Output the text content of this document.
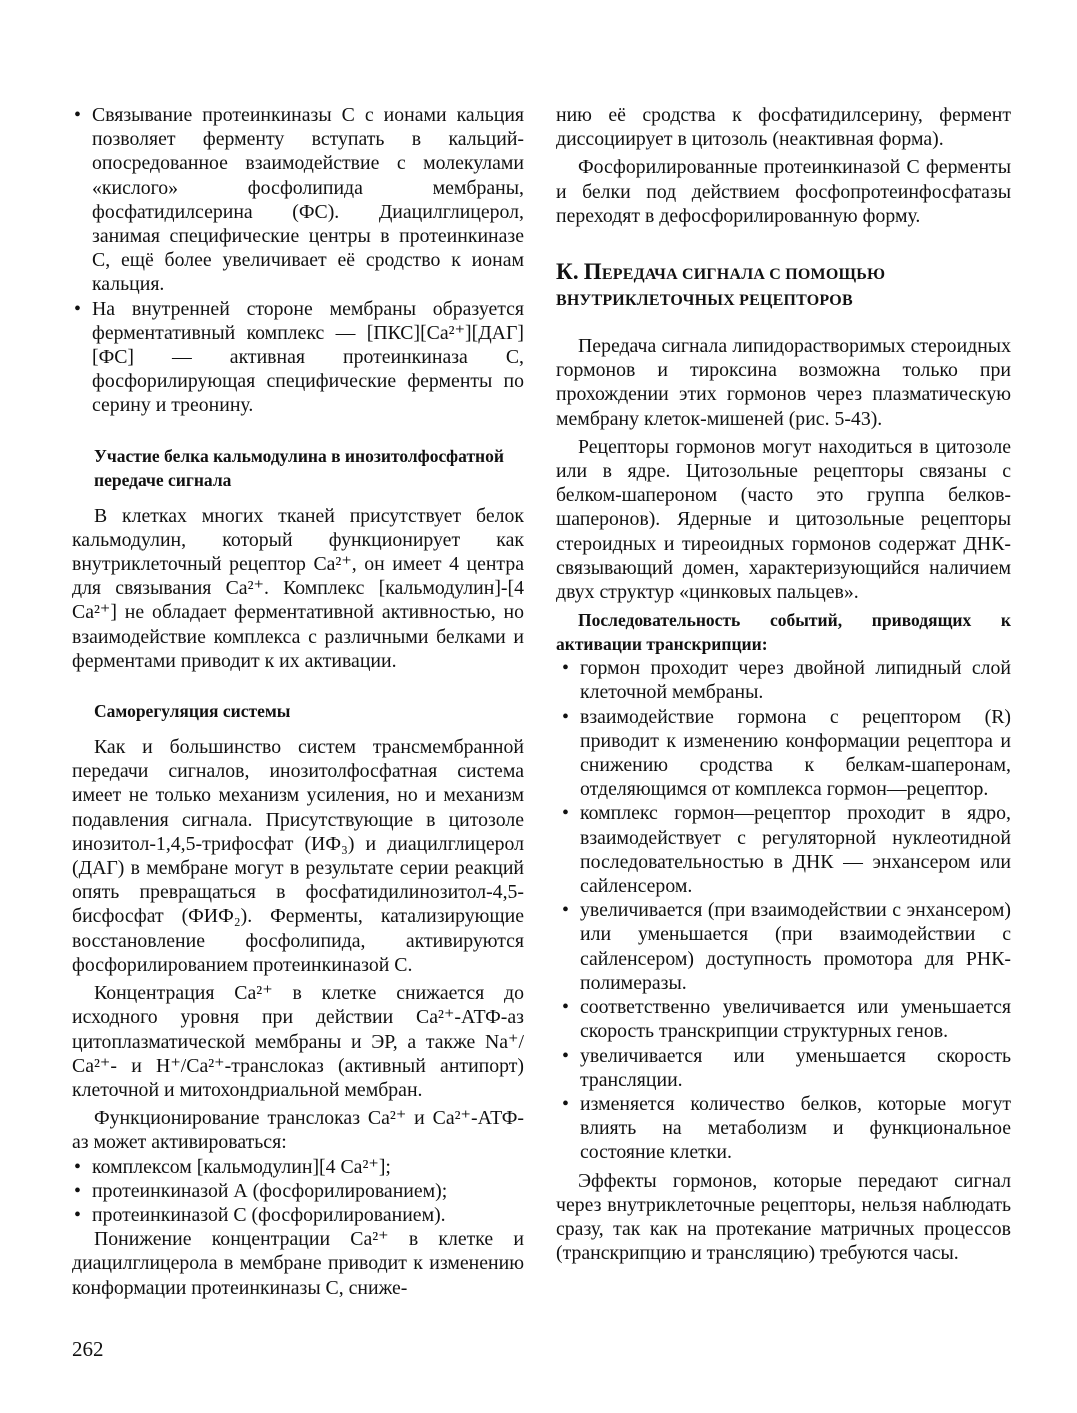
• Связывание протеинкиназы С с ионами кальция позволяет ферменту вступать в кальций-опосредованное взаимодействие с молекулами «кислого» фосфолипида мембраны, фосфатидилсерина (ФС). Диацилглицерол, занимая специфические центры в протеинкиназе С, ещё более увеличивает её сродство к ионам кальция.
• На внутренней стороне мембраны образуется ферментативный комплекс — [ПКС][Са²⁺][ДАГ][ФС] — активная протеинкиназа С, фосфорилирующая специфические ферменты по серину и треонину.

Участие белка кальмодулина в инозитолфосфатной передаче сигнала

В клетках многих тканей присутствует белок кальмодулин, который функционирует как внутриклеточный рецептор Са²⁺, он имеет 4 центра для связывания Са²⁺. Комплекс [кальмодулин]-[4 Са²⁺] не обладает ферментативной активностью, но взаимодействие комплекса с различными белками и ферментами приводит к их активации.

Саморегуляция системы

Как и большинство систем трансмембранной передачи сигналов, инозитолфосфатная система имеет не только механизм усиления, но и механизм подавления сигнала. Присутствующие в цитозоле инозитол-1,4,5-трифосфат (ИФ₃) и диацилглицерол (ДАГ) в мембране могут в результате серии реакций опять превращаться в фосфатидилинозитол-4,5-бисфосфат (ФИФ₂). Ферменты, катализирующие восстановление фосфолипида, активируются фосфорилированием протеинкиназой С.

Концентрация Са²⁺ в клетке снижается до исходного уровня при действии Са²⁺-АТФ-аз цитоплазматической мембраны и ЭР, а также Na⁺/Са²⁺- и H⁺/Са²⁺-транслоказ (активный антипорт) клеточной и митохондриальной мембран.

Функционирование транслоказ Са²⁺ и Са²⁺-АТФ-аз может активироваться:

• комплексом [кальмодулин][4 Са²⁺];
• протеинкиназой А (фосфорилированием);
• протеинкиназой С (фосфорилированием).

Понижение концентрации Са²⁺ в клетке и диацилглицерола в мембране приводит к изменению конформации протеинкиназы С, сниже-

нию её сродства к фосфатидилсерину, фермент диссоциирует в цитозоль (неактивная форма).

Фосфорилированные протеинкиназой С ферменты и белки под действием фосфопротеинфосфатазы переходят в дефосфорилированную форму.

К. ПЕРЕДАЧА СИГНАЛА С ПОМОЩЬЮ

ВНУТРИКЛЕТОЧНЫХ РЕЦЕПТОРОВ

Передача сигнала липидорастворимых стероидных гормонов и тироксина возможна только при прохождении этих гормонов через плазматическую мембрану клеток-мишеней (рис. 5-43).

Рецепторы гормонов могут находиться в цитозоле или в ядре. Цитозольные рецепторы связаны с белком-шапероном (часто это группа белков-шаперонов). Ядерные и цитозольные рецепторы стероидных и тиреоидных гормонов содержат ДНК-связывающий домен, характеризующийся наличием двух структур «цинковых пальцев».

Последовательность событий, приводящих к активации транскрипции:

• гормон проходит через двойной липидный слой клеточной мембраны.
• взаимодействие гормона с рецептором (R) приводит к изменению конформации рецептора и снижению сродства к белкам-шаперонам, отделяющимся от комплекса гормон—рецептор.
• комплекс гормон—рецептор проходит в ядро, взаимодействует с регуляторной нуклеотидной последовательностью в ДНК — энхансером или сайленсером.
• увеличивается (при взаимодействии с энхансером) или уменьшается (при взаимодействии с сайленсером) доступность промотора для РНК-полимеразы.
• соответственно увеличивается или уменьшается скорость транскрипции структурных генов.
• увеличивается или уменьшается скорость трансляции.
• изменяется количество белков, которые могут влиять на метаболизм и функциональное состояние клетки.

Эффекты гормонов, которые передают сигнал через внутриклеточные рецепторы, нельзя наблюдать сразу, так как на протекание матричных процессов (транскрипцию и трансляцию) требуются часы.

262
